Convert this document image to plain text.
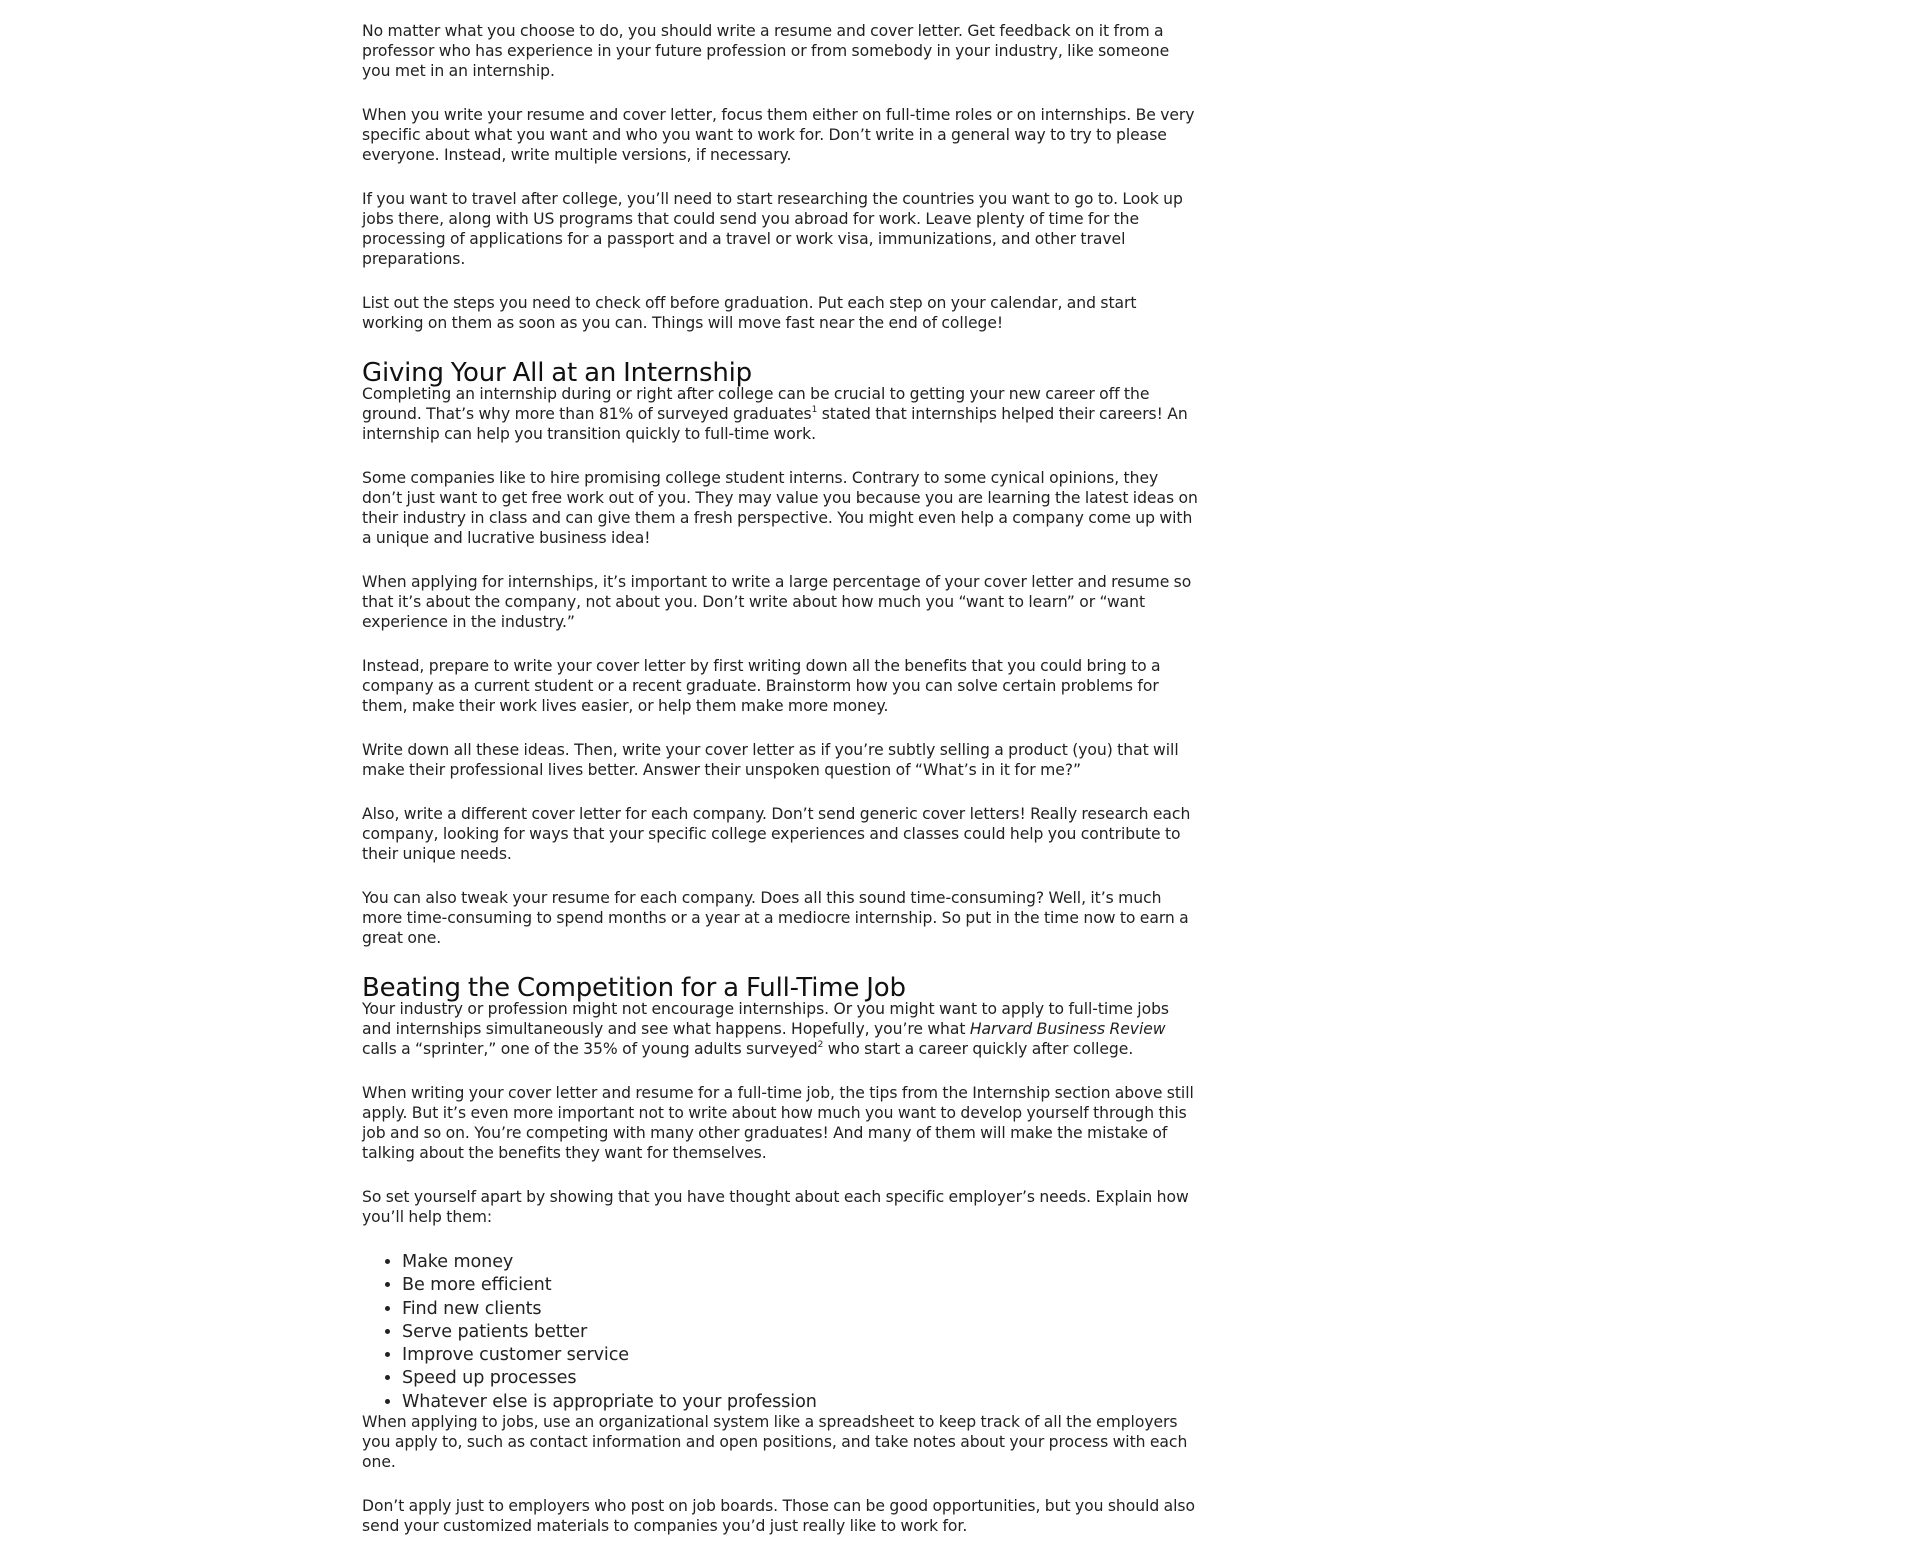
No matter what you choose to do, you should write a resume and cover letter. Get feedback on it from a professor who has experience in your future profession or from somebody in your industry, like someone you met in an internship.

When you write your resume and cover letter, focus them either on full-time roles or on internships. Be very specific about what you want and who you want to work for. Don’t write in a general way to try to please everyone. Instead, write multiple versions, if necessary.

If you want to travel after college, you’ll need to start researching the countries you want to go to. Look up jobs there, along with US programs that could send you abroad for work. Leave plenty of time for the processing of applications for a passport and a travel or work visa, immunizations, and other travel preparations.

List out the steps you need to check off before graduation. Put each step on your calendar, and start working on them as soon as you can. Things will move fast near the end of college!

Giving Your All at an Internship

Completing an internship during or right after college can be crucial to getting your new career off the ground. That’s why more than 81% of surveyed graduates$^1$ stated that internships helped their careers! An internship can help you transition quickly to full-time work.

Some companies like to hire promising college student interns. Contrary to some cynical opinions, they don’t just want to get free work out of you. They may value you because you are learning the latest ideas on their industry in class and can give them a fresh perspective. You might even help a company come up with a unique and lucrative business idea!

When applying for internships, it’s important to write a large percentage of your cover letter and resume so that it’s about the company, not about you. Don’t write about how much you “want to learn” or “want experience in the industry.”

Instead, prepare to write your cover letter by first writing down all the benefits that you could bring to a company as a current student or a recent graduate. Brainstorm how you can solve certain problems for them, make their work lives easier, or help them make more money.

Write down all these ideas. Then, write your cover letter as if you’re subtly selling a product (you) that will make their professional lives better. Answer their unspoken question of “What’s in it for me?”

Also, write a different cover letter for each company. Don’t send generic cover letters! Really research each company, looking for ways that your specific college experiences and classes could help you contribute to their unique needs.

You can also tweak your resume for each company. Does all this sound time-consuming? Well, it’s much more time-consuming to spend months or a year at a mediocre internship. So put in the time now to earn a great one.

Beating the Competition for a Full-Time Job

Your industry or profession might not encourage internships. Or you might want to apply to full-time jobs and internships simultaneously and see what happens. Hopefully, you’re what Harvard Business Review calls a “sprinter,” one of the 35% of young adults surveyed$^2$ who start a career quickly after college.

When writing your cover letter and resume for a full-time job, the tips from the Internship section above still apply. But it’s even more important not to write about how much you want to develop yourself through this job and so on. You’re competing with many other graduates! And many of them will make the mistake of talking about the benefits they want for themselves.

So set yourself apart by showing that you have thought about each specific employer’s needs. Explain how you’ll help them:

• Make money
• Be more efficient
• Find new clients
• Serve patients better
• Improve customer service
• Speed up processes
• Whatever else is appropriate to your profession

When applying to jobs, use an organizational system like a spreadsheet to keep track of all the employers you apply to, such as contact information and open positions, and take notes about your process with each one.

Don’t apply just to employers who post on job boards. Those can be good opportunities, but you should also send your customized materials to companies you’d just really like to work for.
